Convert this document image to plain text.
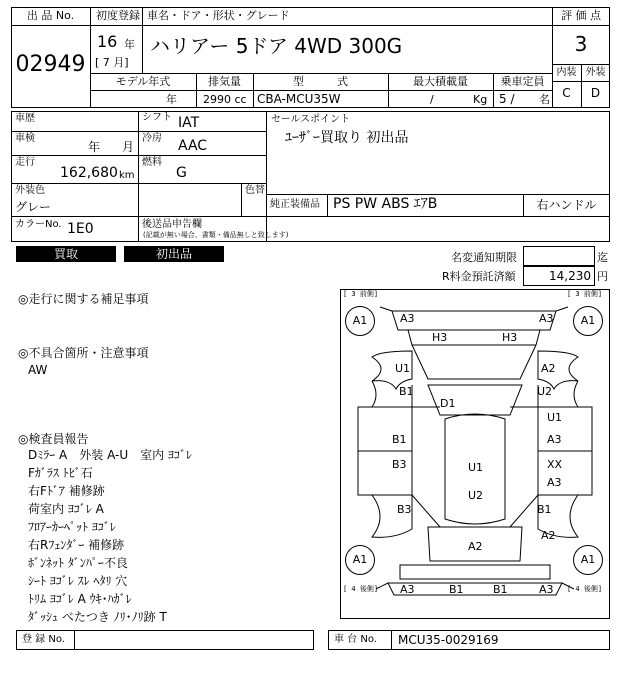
出 品 No.
02949
初度登録
16 年
[ 7 月]
車名・ドア・形状・グレード
ハリアー 5ドア 4WD 300G
モデル年式	排気量	型　　　式	最大積載量	乗車定員
年 2990 cc CBA-MCU35W	/	Kg 5 / 名
評 価 点
3
内装 外装
C	D
車歴
車検
年 月
走行
162,680 km
シフト IAT
冷房 AAC
燃料
G
外装色
グレー
色替
カラーNo. 1E0	後送品申告欄
(記載が無い場合、書類・備品無しと致します)
セールスポイント
ﾕｰｻﾞｰ買取り 初出品
純正装備品 PS PW ABS ｴｱB	右ハンドル
買取	初出品	名変通知期限	迄
R料金預託済額	14,230 円
◎走行に関する補足事項
◎不具合箇所・注意事項
AW
◎検査員報告
Dﾐﾗｰ A　外装 A-U　室内 ﾖｺﾞﾚ
Fｶﾞﾗｽ ﾄﾋﾞ石
右Fﾄﾞｱ 補修跡
荷室内 ﾖｺﾞﾚ A
ﾌﾛｱｰｶｰﾍﾟｯﾄ ﾖｺﾞﾚ
右Rﾌｪﾝﾀﾞｰ 補修跡
ﾎﾞﾝﾈｯﾄ ﾀﾞﾝﾊﾟｰ不良
ｼｰﾄ ﾖｺﾞﾚ ｽﾚ ﾍﾀﾘ 穴
ﾄﾘﾑ ﾖｺﾞﾚ A ｳｷ･ﾊｶﾞﾚ
ﾀﾞｯｼｭ べたつき ﾉﾘ･ﾉﾘ跡 T
[ 3 前側]	[ 3 前側]
[ 4 後側]	[ 4 後側]
A1	A1
A1	A1
A3	A3
H3	H3
U1
B1
A2
U2
D1
U1
A3
B1
B3	U1
U2
XX
A3
B3	B1
A2
A2
A3	B1	B1	A3
登 録 No.	車 台 No. MCU35-0029169
